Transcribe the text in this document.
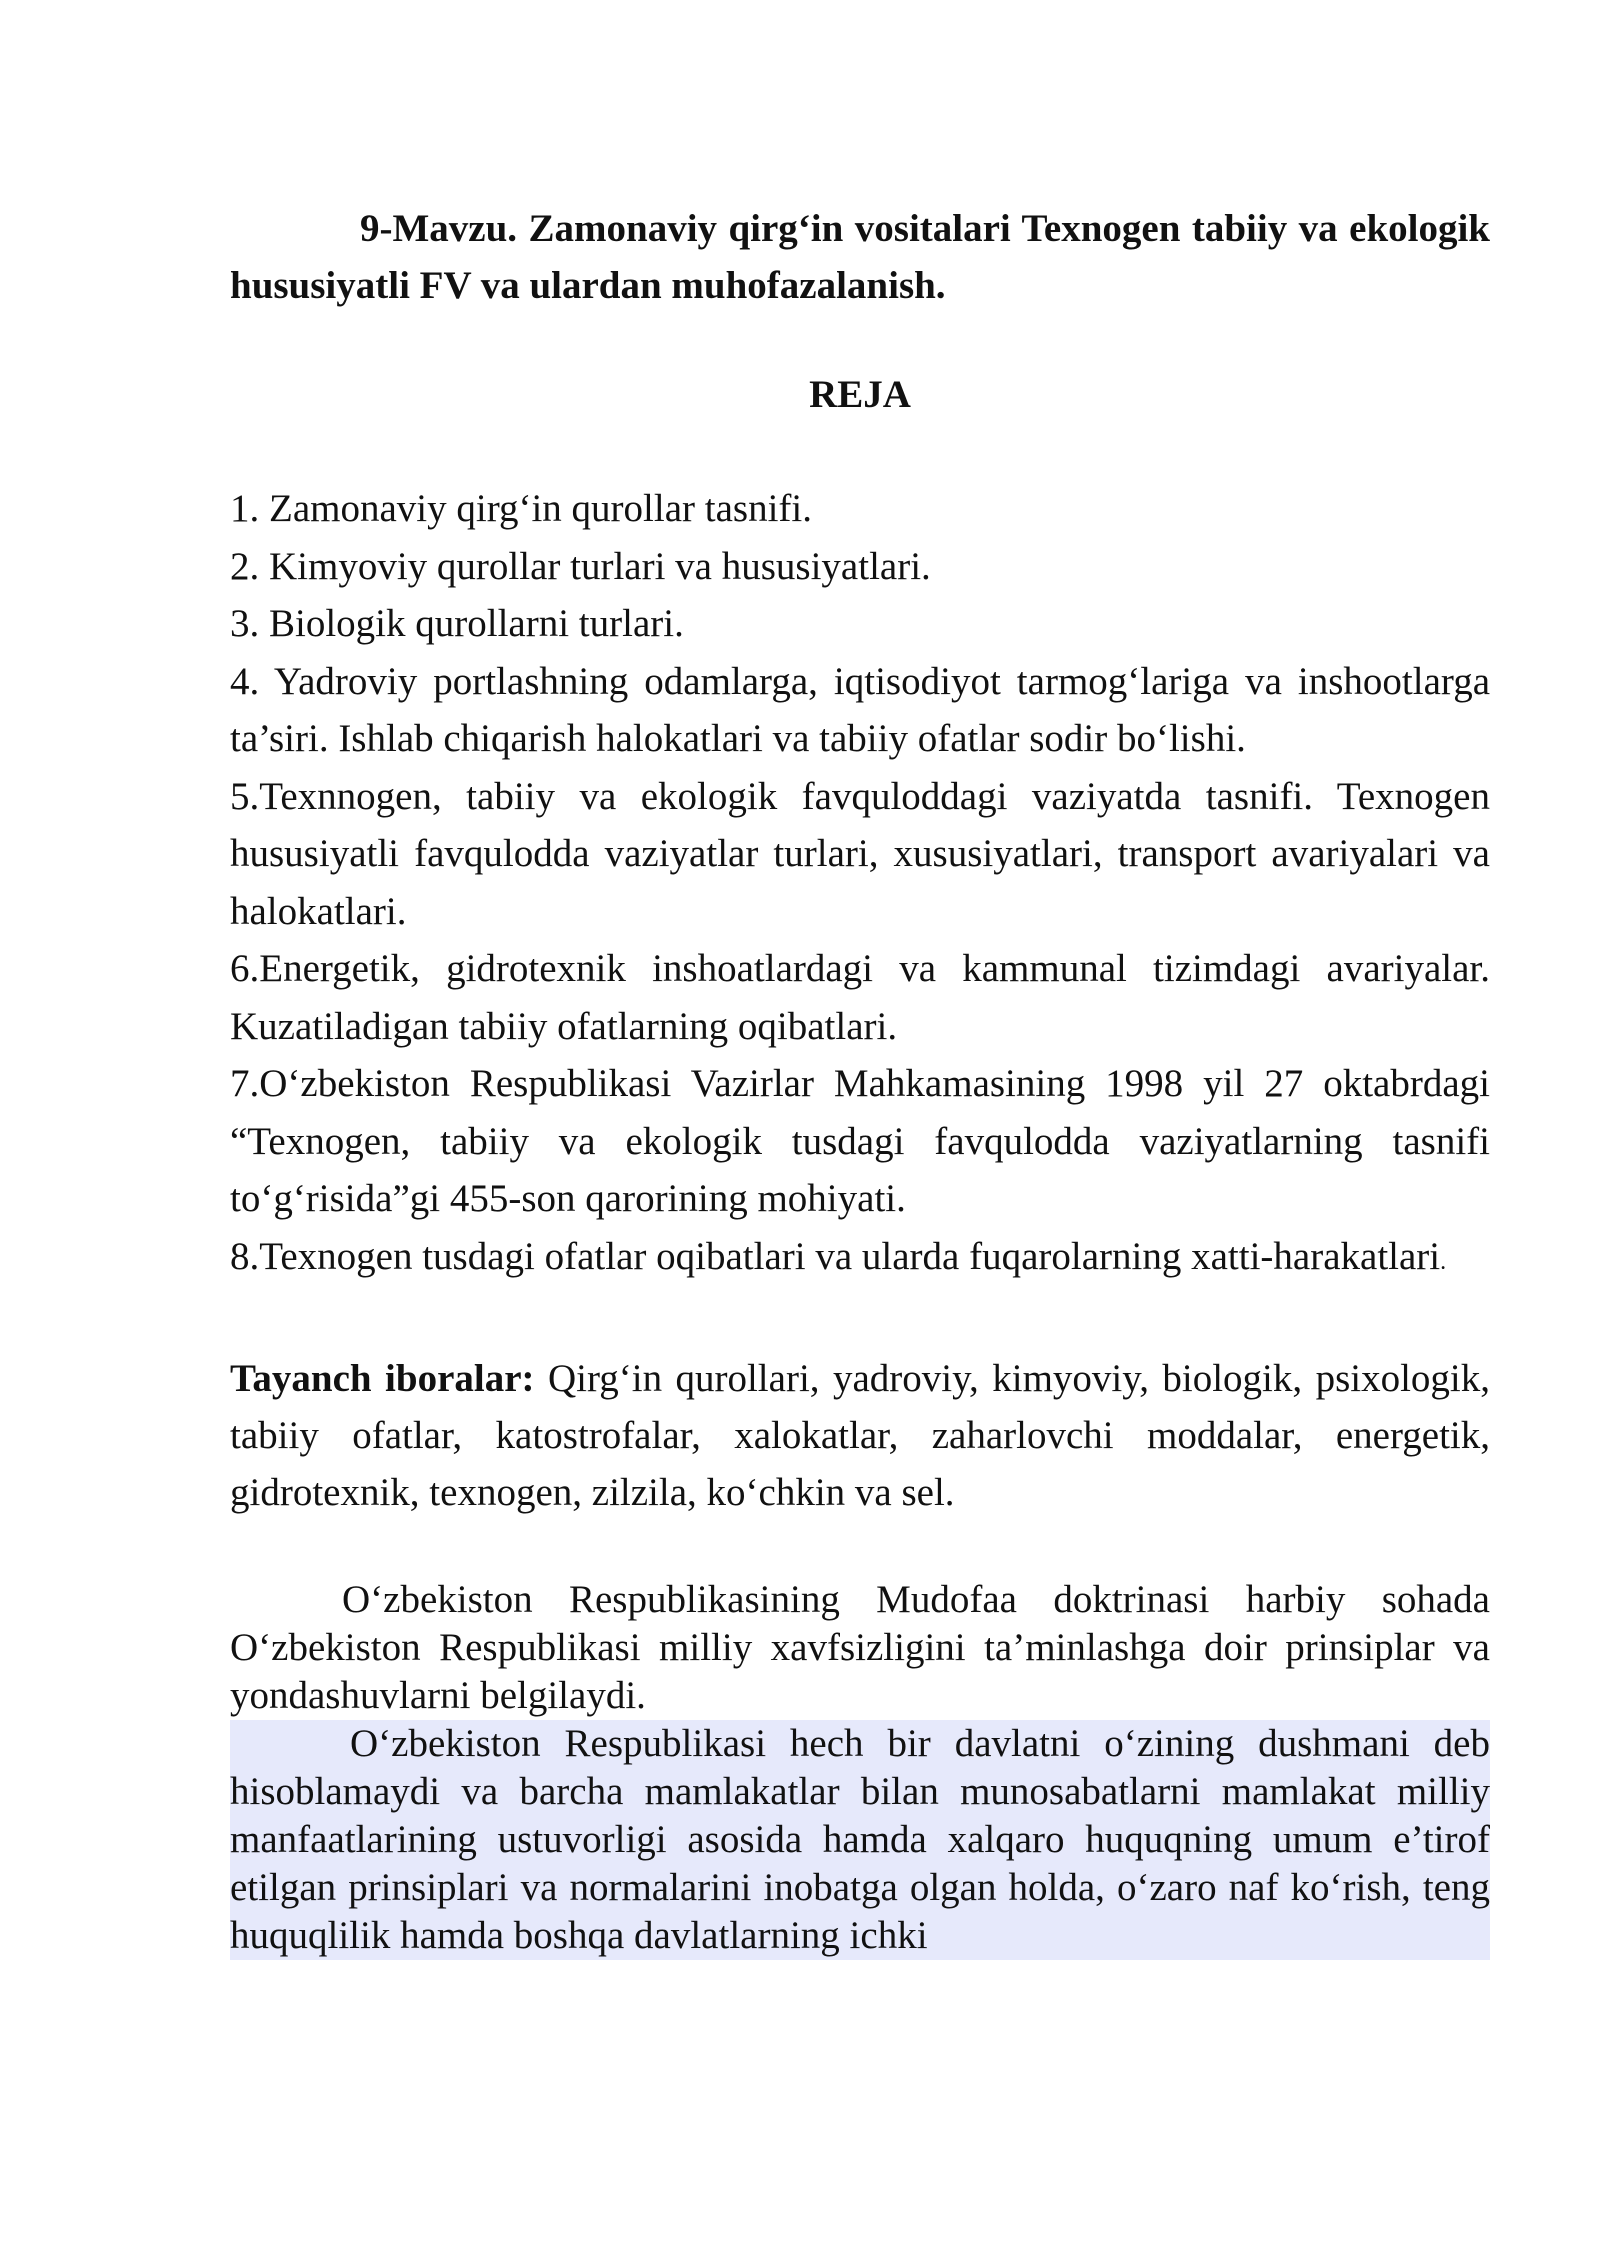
9-Mavzu. Zamonaviy qirg‘in vositalari Texnogen tabiiy va ekologik hususiyatli FV va ulardan muhofazalanish.

REJA

1. Zamonaviy qirg‘in qurollar tasnifi.
2. Kimyoviy qurollar turlari va hususiyatlari.
3. Biologik qurollarni turlari.
4. Yadroviy portlashning odamlarga, iqtisodiyot tarmog‘lariga va inshootlarga ta’siri. Ishlab chiqarish halokatlari va tabiiy ofatlar sodir bo‘lishi.
5.Texnnogen, tabiiy va ekologik favquloddagi vaziyatda tasnifi. Texnogen hususiyatli favqulodda vaziyatlar turlari, xususiyatlari, transport avariyalari va halokatlari.
6.Energetik, gidrotexnik inshoatlardagi va kammunal tizimdagi avariyalar. Kuzatiladigan tabiiy ofatlarning oqibatlari.
7.O‘zbekiston Respublikasi Vazirlar Mahkamasining 1998 yil 27 oktabrdagi “Texnogen, tabiiy va ekologik tusdagi favqulodda vaziyatlarning tasnifi to‘g‘risida”gi 455-son qarorining mohiyati.
8.Texnogen tusdagi ofatlar oqibatlari va ularda fuqarolarning xatti-harakatlari.

Tayanch iboralar: Qirg‘in qurollari, yadroviy, kimyoviy, biologik, psixologik, tabiiy ofatlar, katostrofalar, xalokatlar, zaharlovchi moddalar, energetik, gidrotexnik, texnogen, zilzila, ko‘chkin va sel.

O‘zbekiston Respublikasining Mudofaa doktrinasi harbiy sohada O‘zbekiston Respublikasi milliy xavfsizligini ta’minlashga doir prinsiplar va yondashuvlarni belgilaydi.

O‘zbekiston Respublikasi hech bir davlatni o‘zining dushmani deb hisoblamaydi va barcha mamlakatlar bilan munosabatlarni mamlakat milliy manfaatlarining ustuvorligi asosida hamda xalqaro huquqning umum e’tirof etilgan prinsiplari va normalarini inobatga olgan holda, o‘zaro naf ko‘rish, teng huquqlilik hamda boshqa davlatlarning ichki
